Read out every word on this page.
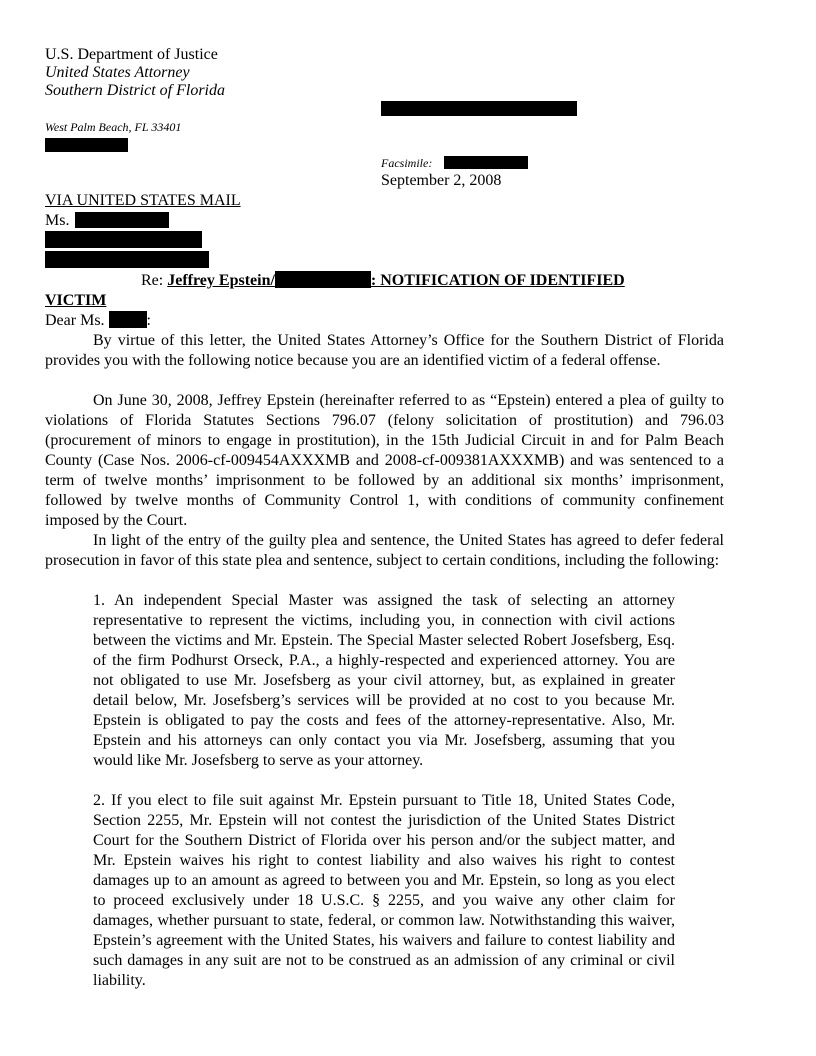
U.S. Department of Justice
United States Attorney
Southern District of Florida
West Palm Beach, FL 33401
Facsimile:
September 2, 2008
VIA UNITED STATES MAIL
Ms.
Re: Jeffrey Epstein/	: NOTIFICATION OF IDENTIFIED
VICTIM
Dear Ms.	:
By virtue of this letter, the United States Attorney’s Office for the Southern District of Florida provides you with the following notice because you are an identified victim of a federal offense.
On June 30, 2008, Jeffrey Epstein (hereinafter referred to as “Epstein) entered a plea of guilty to violations of Florida Statutes Sections 796.07 (felony solicitation of prostitution) and 796.03 (procurement of minors to engage in prostitution), in the 15th Judicial Circuit in and for Palm Beach County (Case Nos. 2006-cf-009454AXXXMB and 2008-cf-009381AXXXMB) and was sentenced to a term of twelve months’ imprisonment to be followed by an additional six months’ imprisonment, followed by twelve months of Community Control 1, with conditions of community confinement imposed by the Court.
In light of the entry of the guilty plea and sentence, the United States has agreed to defer federal prosecution in favor of this state plea and sentence, subject to certain conditions, including the following:
1. An independent Special Master was assigned the task of selecting an attorney representative to represent the victims, including you, in connection with civil actions between the victims and Mr. Epstein. The Special Master selected Robert Josefsberg, Esq. of the firm Podhurst Orseck, P.A., a highly-respected and experienced attorney. You are not obligated to use Mr. Josefsberg as your civil attorney, but, as explained in greater detail below, Mr. Josefsberg’s services will be provided at no cost to you because Mr. Epstein is obligated to pay the costs and fees of the attorney-representative. Also, Mr. Epstein and his attorneys can only contact you via Mr. Josefsberg, assuming that you would like Mr. Josefsberg to serve as your attorney.
2. If you elect to file suit against Mr. Epstein pursuant to Title 18, United States Code, Section 2255, Mr. Epstein will not contest the jurisdiction of the United States District Court for the Southern District of Florida over his person and/or the subject matter, and Mr. Epstein waives his right to contest liability and also waives his right to contest damages up to an amount as agreed to between you and Mr. Epstein, so long as you elect to proceed exclusively under 18 U.S.C. § 2255, and you waive any other claim for damages, whether pursuant to state, federal, or common law. Notwithstanding this waiver, Epstein’s agreement with the United States, his waivers and failure to contest liability and such damages in any suit are not to be construed as an admission of any criminal or civil liability.
